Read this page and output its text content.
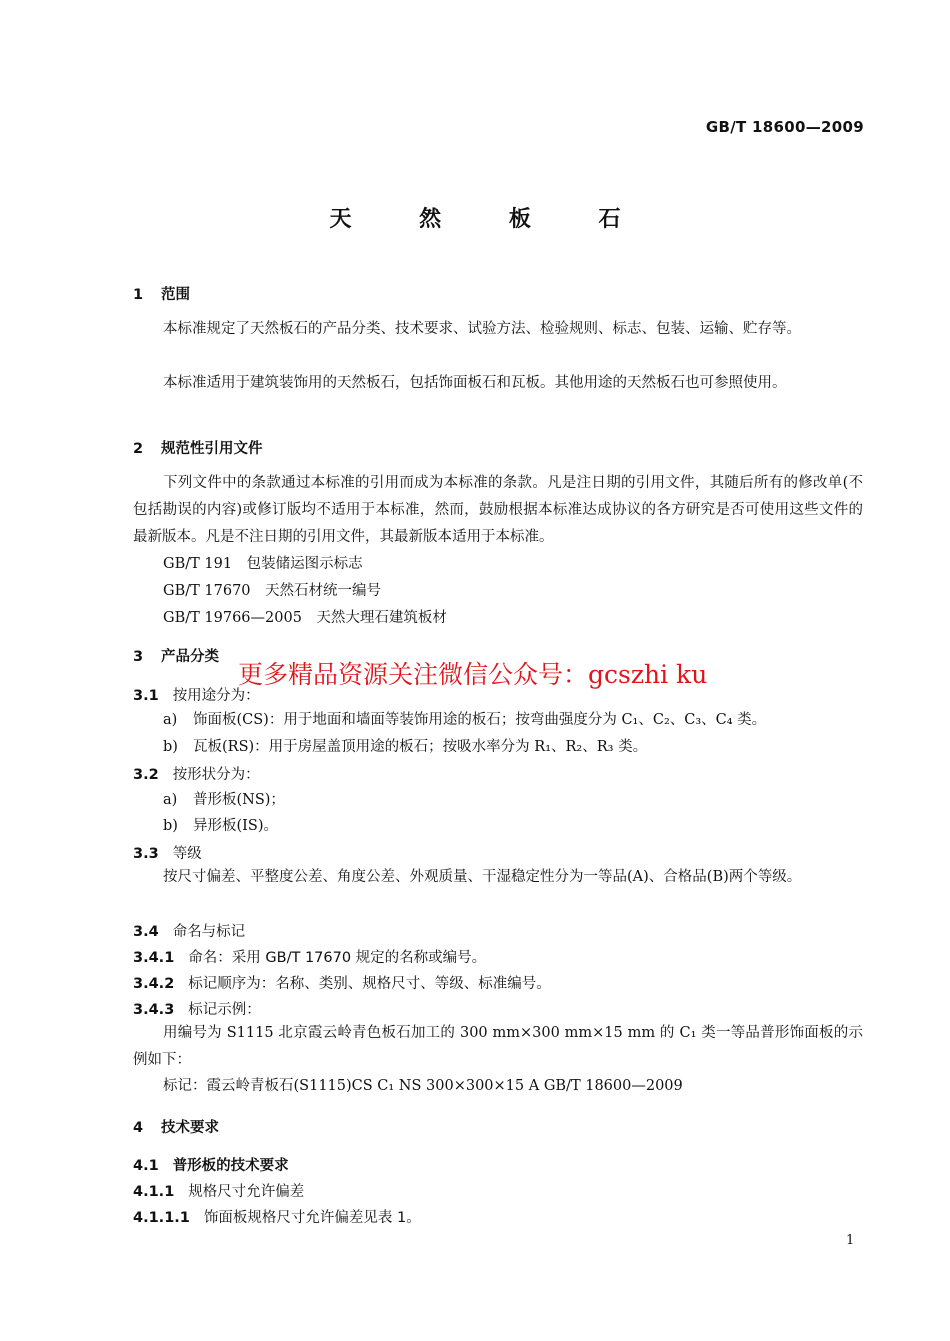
GB/T 18600—2009
天 然 板 石
1 范围
本标准规定了天然板石的产品分类、技术要求、试验方法、检验规则、标志、包装、运输、贮存等。
本标准适用于建筑装饰用的天然板石，包括饰面板石和瓦板。其他用途的天然板石也可参照使用。
2 规范性引用文件
下列文件中的条款通过本标准的引用而成为本标准的条款。凡是注日期的引用文件，其随后所有的修改单(不包括勘误的内容)或修订版均不适用于本标准，然而，鼓励根据本标准达成协议的各方研究是否可使用这些文件的最新版本。凡是不注日期的引用文件，其最新版本适用于本标准。
GB/T 191　包装储运图示标志
GB/T 17670　天然石材统一编号
GB/T 19766—2005　天然大理石建筑板材
3 产品分类
更多精品资源关注微信公众号：gcszhi ku
3.1 按用途分为：
a) 饰面板(CS)：用于地面和墙面等装饰用途的板石；按弯曲强度分为 C₁、C₂、C₃、C₄ 类。
b) 瓦板(RS)：用于房屋盖顶用途的板石；按吸水率分为 R₁、R₂、R₃ 类。
3.2 按形状分为：
a) 普形板(NS)；
b) 异形板(IS)。
3.3 等级
按尺寸偏差、平整度公差、角度公差、外观质量、干湿稳定性分为一等品(A)、合格品(B)两个等级。
3.4 命名与标记
3.4.1 命名：采用 GB/T 17670 规定的名称或编号。
3.4.2 标记顺序为：名称、类别、规格尺寸、等级、标准编号。
3.4.3 标记示例：
用编号为 S1115 北京霞云岭青色板石加工的 300 mm×300 mm×15 mm 的 C₁ 类一等品普形饰面板的示例如下：
标记：霞云岭青板石(S1115)CS C₁ NS 300×300×15 A GB/T 18600—2009
4 技术要求
4.1 普形板的技术要求
4.1.1 规格尺寸允许偏差
4.1.1.1 饰面板规格尺寸允许偏差见表 1。
1
